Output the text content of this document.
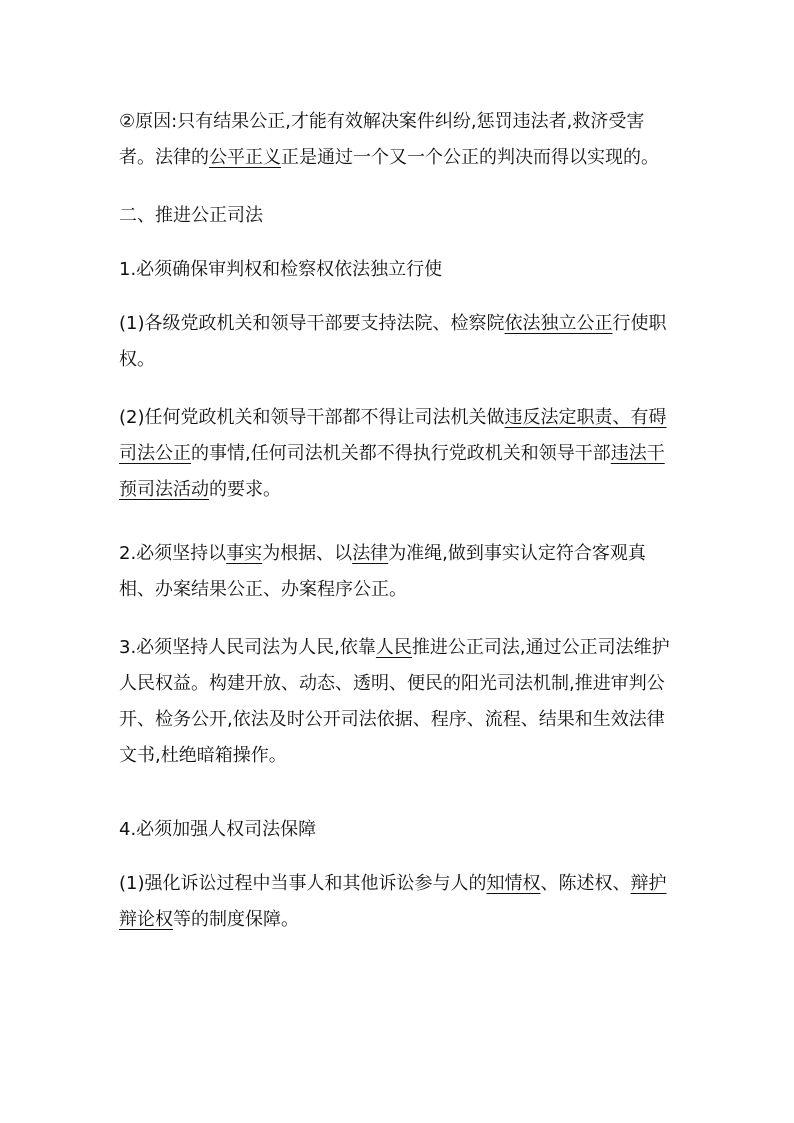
②原因:只有结果公正,才能有效解决案件纠纷,惩罚违法者,救济受害者。法律的公平正义正是通过一个又一个公正的判决而得以实现的。

二、推进公正司法

1.必须确保审判权和检察权依法独立行使

(1)各级党政机关和领导干部要支持法院、检察院依法独立公正行使职权。

(2)任何党政机关和领导干部都不得让司法机关做违反法定职责、有碍司法公正的事情,任何司法机关都不得执行党政机关和领导干部违法干预司法活动的要求。

2.必须坚持以事实为根据、以法律为准绳,做到事实认定符合客观真相、办案结果公正、办案程序公正。

3.必须坚持人民司法为人民,依靠人民推进公正司法,通过公正司法维护人民权益。构建开放、动态、透明、便民的阳光司法机制,推进审判公开、检务公开,依法及时公开司法依据、程序、流程、结果和生效法律文书,杜绝暗箱操作。

4.必须加强人权司法保障

(1)强化诉讼过程中当事人和其他诉讼参与人的知情权、陈述权、辩护辩论权等的制度保障。
